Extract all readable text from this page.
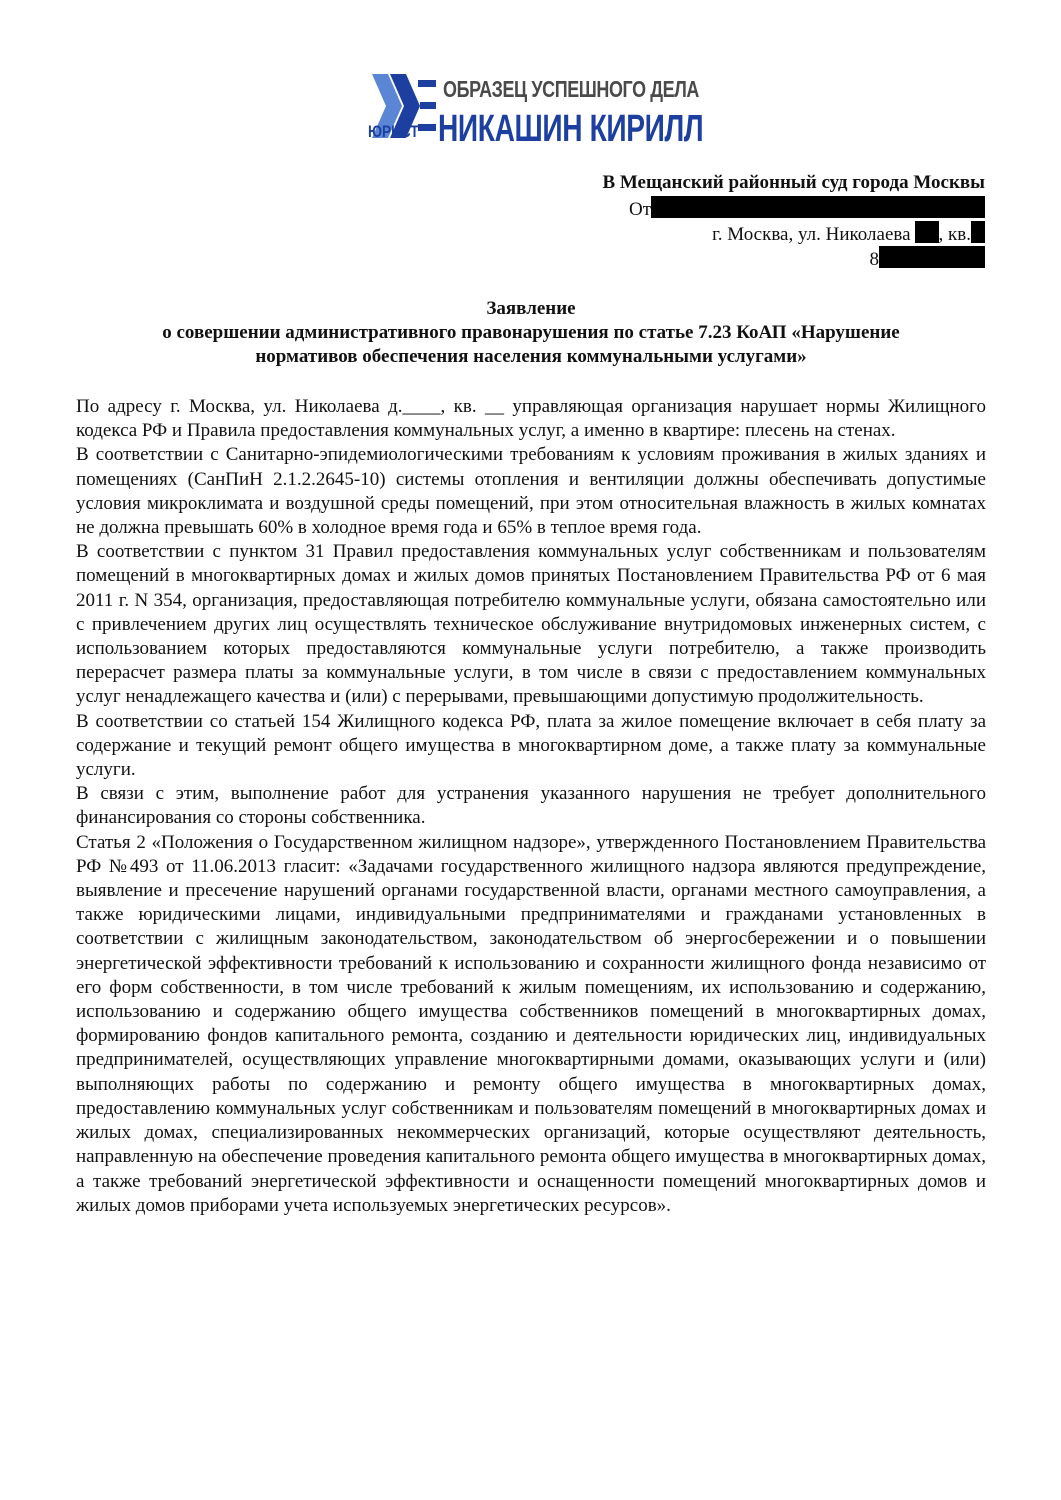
ОБРАЗЕЦ УСПЕШНОГО ДЕЛА
ЮРИСТ НИКАШИН КИРИЛЛ
В Мещанский районный суд города Москвы
От
г. Москва, ул. Николаева , кв.
8
Заявление
о совершении административного правонарушения по статье 7.23 КоАП «Нарушение
нормативов обеспечения населения коммунальными услугами»

По адресу г. Москва, ул. Николаева д.____, кв. __ управляющая организация нарушает нормы Жилищного кодекса РФ и Правила предоставления коммунальных услуг, а именно в квартире: плесень на стенах.

В соответствии с Санитарно-эпидемиологическими требованиям к условиям проживания в жилых зданиях и помещениях (СанПиН 2.1.2.2645-10) системы отопления и вентиляции должны обеспечивать допустимые условия микроклимата и воздушной среды помещений, при этом относительная влажность в жилых комнатах не должна превышать 60% в холодное время года и 65% в теплое время года.

В соответствии с пунктом 31 Правил предоставления коммунальных услуг собственникам и пользователям помещений в многоквартирных домах и жилых домов принятых Постановлением Правительства РФ от 6 мая 2011 г. N 354, организация, предоставляющая потребителю коммунальные услуги, обязана самостоятельно или с привлечением других лиц осуществлять техническое обслуживание внутридомовых инженерных систем, с использованием которых предоставляются коммунальные услуги потребителю, а также производить перерасчет размера платы за коммунальные услуги, в том числе в связи с предоставлением коммунальных услуг ненадлежащего качества и (или) с перерывами, превышающими допустимую продолжительность.

В соответствии со статьей 154 Жилищного кодекса РФ, плата за жилое помещение включает в себя плату за содержание и текущий ремонт общего имущества в многоквартирном доме, а также плату за коммунальные услуги.

В связи с этим, выполнение работ для устранения указанного нарушения не требует дополнительного финансирования со стороны собственника.

Статья 2 «Положения о Государственном жилищном надзоре», утвержденного Постановлением Правительства РФ №493 от 11.06.2013 гласит: «Задачами государственного жилищного надзора являются предупреждение, выявление и пресечение нарушений органами государственной власти, органами местного самоуправления, а также юридическими лицами, индивидуальными предпринимателями и гражданами установленных в соответствии с жилищным законодательством, законодательством об энергосбережении и о повышении энергетической эффективности требований к использованию и сохранности жилищного фонда независимо от его форм собственности, в том числе требований к жилым помещениям, их использованию и содержанию, использованию и содержанию общего имущества собственников помещений в многоквартирных домах, формированию фондов капитального ремонта, созданию и деятельности юридических лиц, индивидуальных предпринимателей, осуществляющих управление многоквартирными домами, оказывающих услуги и (или) выполняющих работы по содержанию и ремонту общего имущества в многоквартирных домах, предоставлению коммунальных услуг собственникам и пользователям помещений в многоквартирных домах и жилых домах, специализированных некоммерческих организаций, которые осуществляют деятельность, направленную на обеспечение проведения капитального ремонта общего имущества в многоквартирных домах, а также требований энергетической эффективности и оснащенности помещений многоквартирных домов и жилых домов приборами учета используемых энергетических ресурсов».
